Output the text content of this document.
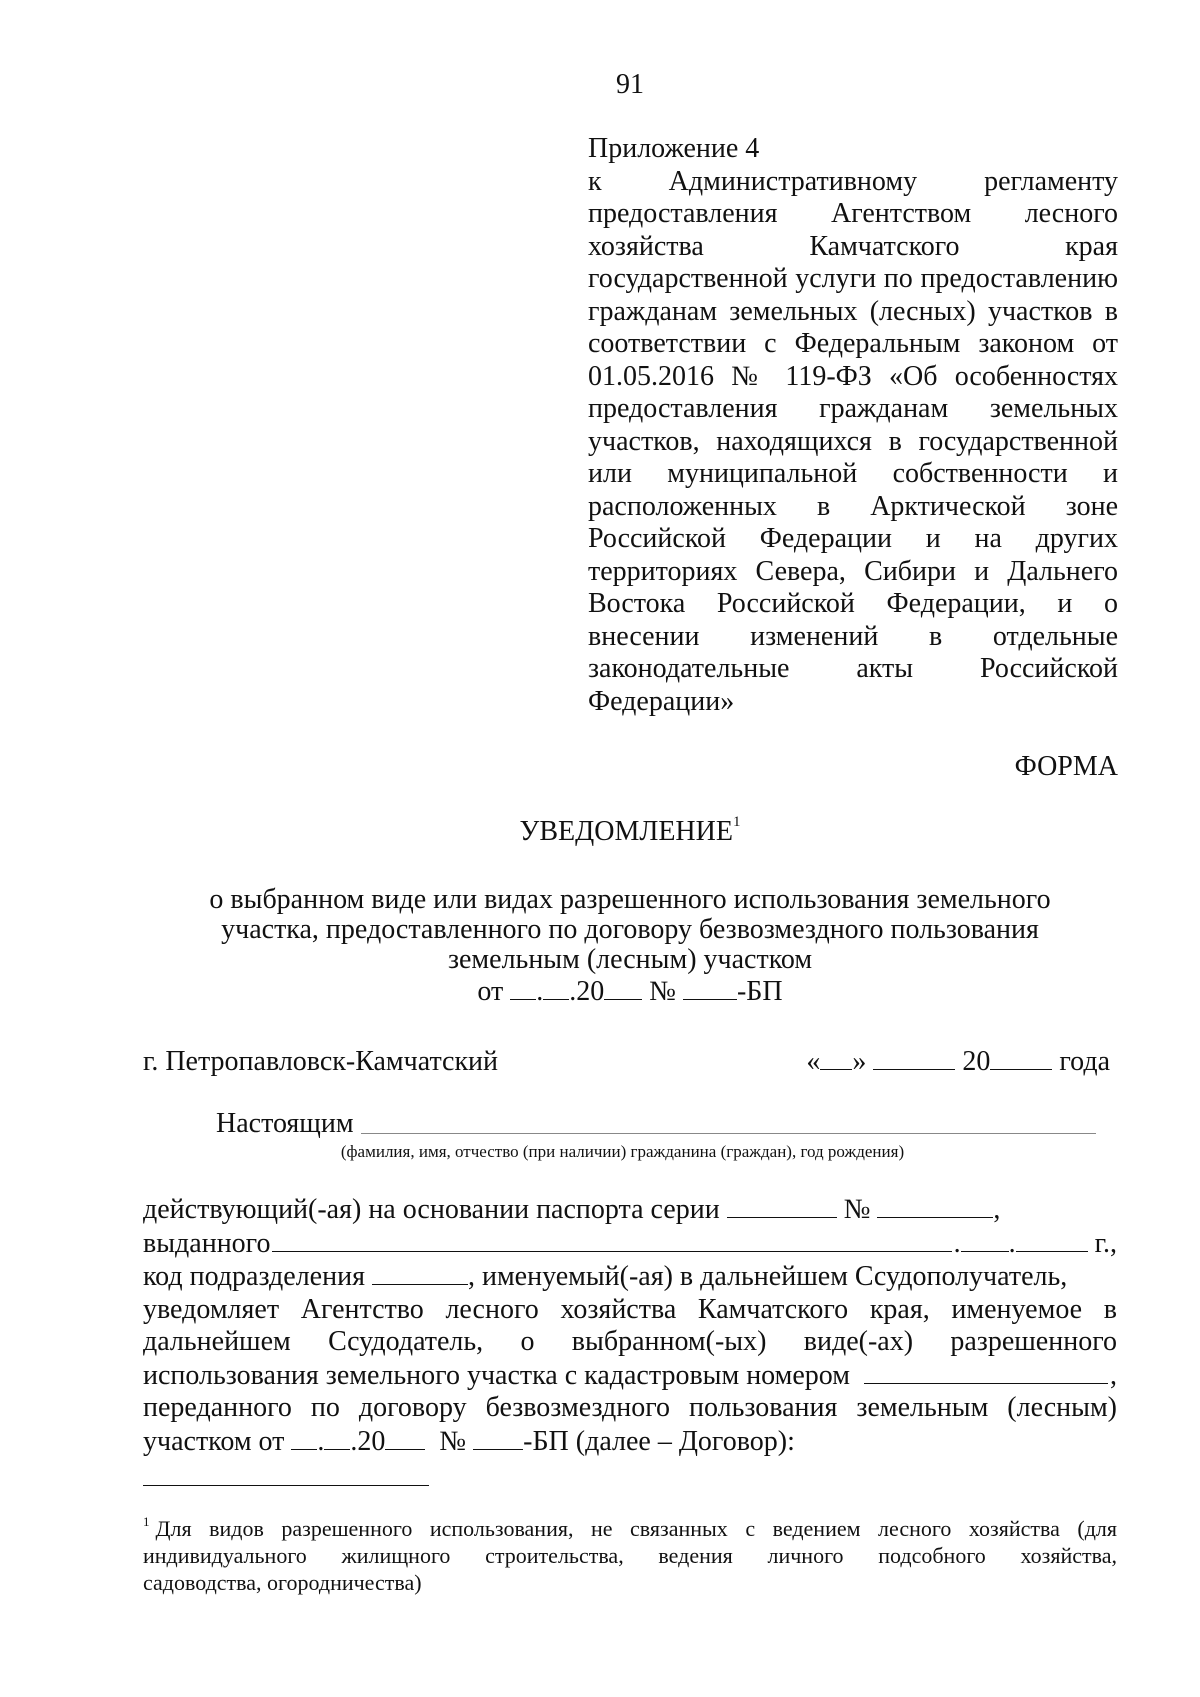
91
Приложение 4
к Административному регламенту
предоставления Агентством лесного
хозяйства Камчатского края
государственной услуги по предоставлению
гражданам земельных (лесных) участков в
соответствии с Федеральным законом от
01.05.2016 № 119-ФЗ «Об особенностях
предоставления гражданам земельных
участков, находящихся в государственной
или муниципальной собственности и
расположенных в Арктической зоне
Российской Федерации и на других
территориях Севера, Сибири и Дальнего
Востока Российской Федерации, и о
внесении изменений в отдельные
законодательные акты Российской
Федерации»
ФОРМА
УВЕДОМЛЕНИЕ$^1$
о выбранном виде или видах разрешенного использования земельного
участка, предоставленного по договору безвозмездного пользования
земельным (лесным) участком
от . .20 № -БП
г. Петропавловск-Камчатский	« »	20 года
Настоящим
(фамилия, имя, отчество (при наличии) гражданина (граждан), год рождения)
действующий(-ая) на основании паспорта серии

	№
	,
выданного	. .
	г.,
код подразделения
	, именуемый(-ая) в дальнейшем Ссудополучатель,
уведомляет Агентство лесного хозяйства Камчатского края, именуемое в
дальнейшем Ссудодатель, о выбранном(-ых) виде(-ах) разрешенного
использования земельного участка с кадастровым номером	,
переданного по договору безвозмездного пользования земельным (лесным)
участком от
. .20
№
-БП (далее – Договор):
$^1$ Для видов разрешенного использования, не связанных с ведением лесного хозяйства (для
индивидуального жилищного строительства, ведения личного подсобного хозяйства,
садоводства, огородничества)
